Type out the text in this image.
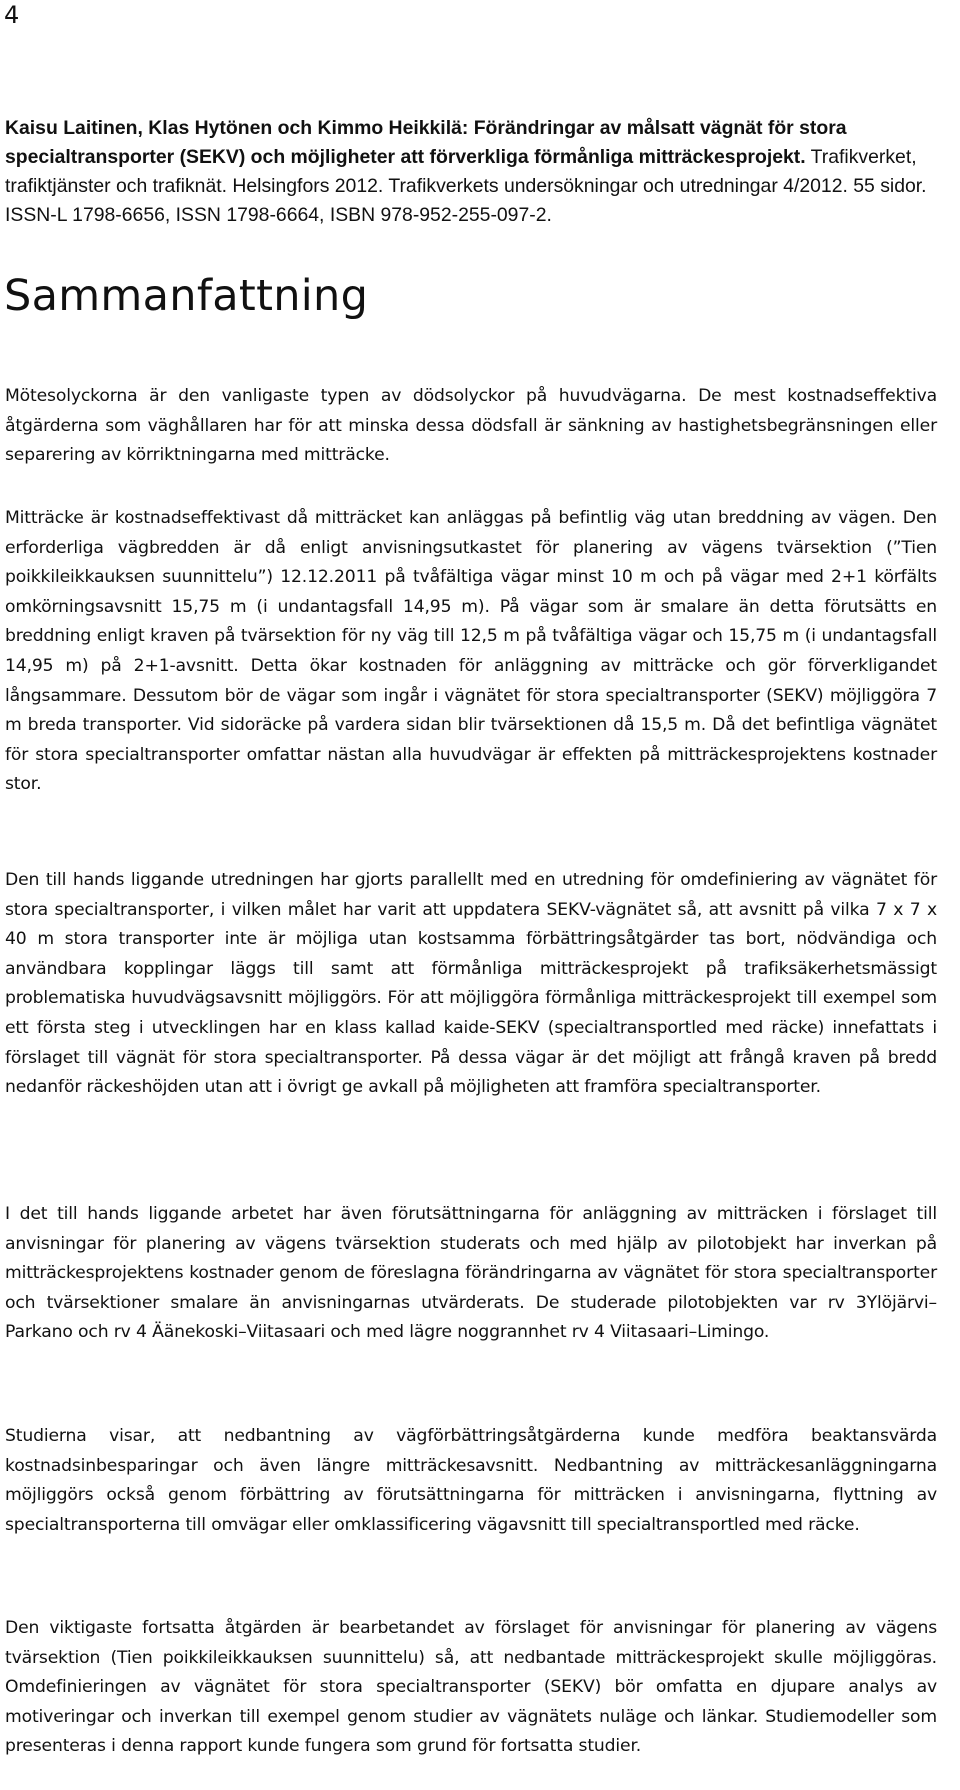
4
Kaisu Laitinen, Klas Hytönen och Kimmo Heikkilä: Förändringar av målsatt vägnät för stora specialtransporter (SEKV) och möjligheter att förverkliga förmånliga mitträckesprojekt. Trafikverket, trafiktjänster och trafiknät. Helsingfors 2012. Trafikverkets undersökningar och utredningar 4/2012. 55 sidor. ISSN-L 1798-6656, ISSN 1798-6664, ISBN 978-952-255-097-2.
Sammanfattning

Mötesolyckorna är den vanligaste typen av dödsolyckor på huvudvägarna. De mest kostnadseffektiva åtgärderna som väghållaren har för att minska dessa dödsfall är sänkning av hastighetsbegränsningen eller separering av körriktningarna med mitträcke.

Mitträcke är kostnadseffektivast då mitträcket kan anläggas på befintlig väg utan breddning av vägen. Den erforderliga vägbredden är då enligt anvisningsutkastet för planering av vägens tvärsektion (”Tien poikkileikkauksen suunnittelu”) 12.12.2011 på tvåfältiga vägar minst 10 m och på vägar med 2+1 körfälts omkörningsavsnitt 15,75 m (i undantagsfall 14,95 m). På vägar som är smalare än detta förutsätts en breddning enligt kraven på tvärsektion för ny väg till 12,5 m på tvåfältiga vägar och 15,75 m (i undantagsfall 14,95 m) på 2+1-avsnitt. Detta ökar kostnaden för anläggning av mitträcke och gör förverkligandet långsammare. Dessutom bör de vägar som ingår i vägnätet för stora specialtransporter (SEKV) möjliggöra 7 m breda transporter. Vid sidoräcke på vardera sidan blir tvärsektionen då 15,5 m. Då det befintliga vägnätet för stora specialtransporter omfattar nästan alla huvudvägar är effekten på mitträckesprojektens kostnader stor.

Den till hands liggande utredningen har gjorts parallellt med en utredning för omdefiniering av vägnätet för stora specialtransporter, i vilken målet har varit att uppdatera SEKV-vägnätet så, att avsnitt på vilka 7 x 7 x 40 m stora transporter inte är möjliga utan kostsamma förbättringsåtgärder tas bort, nödvändiga och användbara kopplingar läggs till samt att förmånliga mitträckesprojekt på trafiksäkerhetsmässigt problematiska huvudvägsavsnitt möjliggörs. För att möjliggöra förmånliga mitträckesprojekt till exempel som ett första steg i utvecklingen har en klass kallad kaide-SEKV (specialtransportled med räcke) innefattats i förslaget till vägnät för stora specialtransporter. På dessa vägar är det möjligt att frångå kraven på bredd nedanför räckeshöjden utan att i övrigt ge avkall på möjligheten att framföra specialtransporter.

I det till hands liggande arbetet har även förutsättningarna för anläggning av mitträcken i förslaget till anvisningar för planering av vägens tvärsektion studerats och med hjälp av pilotobjekt har inverkan på mitträckesprojektens kostnader genom de föreslagna förändringarna av vägnätet för stora specialtransporter och tvärsektioner smalare än anvisningarnas utvärderats. De studerade pilotobjekten var rv 3Ylöjärvi–Parkano och rv 4 Äänekoski–Viitasaari och med lägre noggrannhet rv 4 Viitasaari–Limingo.

Studierna visar, att nedbantning av vägförbättringsåtgärderna kunde medföra beaktansvärda kostnadsinbesparingar och även längre mitträckesavsnitt. Nedbantning av mitträckesanläggningarna möjliggörs också genom förbättring av förutsättningarna för mitträcken i anvisningarna, flyttning av specialtransporterna till omvägar eller omklassificering vägavsnitt till specialtransportled med räcke.

Den viktigaste fortsatta åtgärden är bearbetandet av förslaget för anvisningar för planering av vägens tvärsektion (Tien poikkileikkauksen suunnittelu) så, att nedbantade mitträckesprojekt skulle möjliggöras. Omdefinieringen av vägnätet för stora specialtransporter (SEKV) bör omfatta en djupare analys av motiveringar och inverkan till exempel genom studier av vägnätets nuläge och länkar. Studiemodeller som presenteras i denna rapport kunde fungera som grund för fortsatta studier.
